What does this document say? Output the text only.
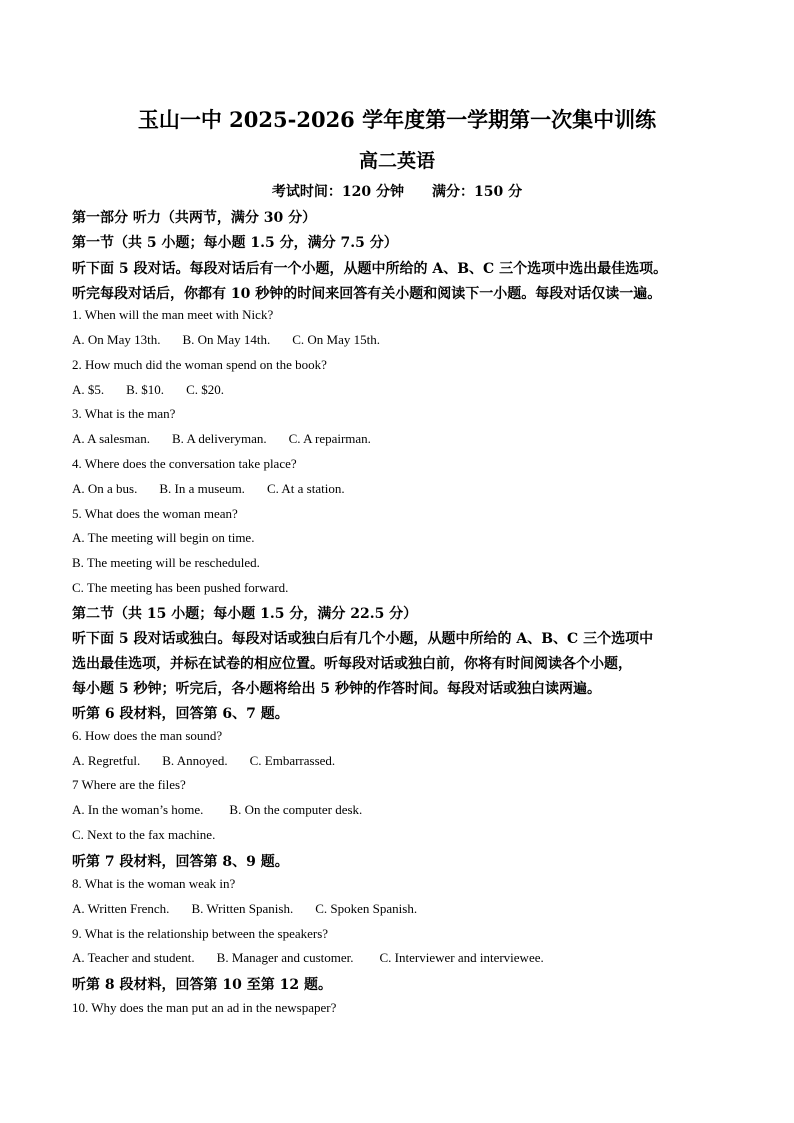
玉山一中 2025-2026 学年度第一学期第一次集中训练
高二英语
考试时间：120 分钟 满分：150 分
第一部分 听力（共两节，满分 30 分）
第一节（共 5 小题；每小题 1.5 分，满分 7.5 分）
听下面 5 段对话。每段对话后有一个小题，从题中所给的 A、B、C 三个选项中选出最佳选项。
听完每段对话后，你都有 10 秒钟的时间来回答有关小题和阅读下一小题。每段对话仅读一遍。
1. When will the man meet with Nick?
A. On May 13th. B. On May 14th. C. On May 15th.
2. How much did the woman spend on the book?
A. $5. B. $10. C. $20.
3. What is the man?
A. A salesman. B. A deliveryman. C. A repairman.
4. Where does the conversation take place?
A. On a bus. B. In a museum. C. At a station.
5. What does the woman mean?
A. The meeting will begin on time.
B. The meeting will be rescheduled.
C. The meeting has been pushed forward.
第二节（共 15 小题；每小题 1.5 分，满分 22.5 分）
听下面 5 段对话或独白。每段对话或独白后有几个小题，从题中所给的 A、B、C 三个选项中
选出最佳选项，并标在试卷的相应位置。听每段对话或独白前，你将有时间阅读各个小题，
每小题 5 秒钟；听完后，各小题将给出 5 秒钟的作答时间。每段对话或独白读两遍。
听第 6 段材料，回答第 6、7 题。
6. How does the man sound?
A. Regretful. B. Annoyed. C. Embarrassed.
7 Where are the files?
A. In the woman’s home. B. On the computer desk.
C. Next to the fax machine.
听第 7 段材料，回答第 8、9 题。
8. What is the woman weak in?
A. Written French. B. Written Spanish. C. Spoken Spanish.
9. What is the relationship between the speakers?
A. Teacher and student. B. Manager and customer. C. Interviewer and interviewee.
听第 8 段材料，回答第 10 至第 12 题。
10. Why does the man put an ad in the newspaper?
